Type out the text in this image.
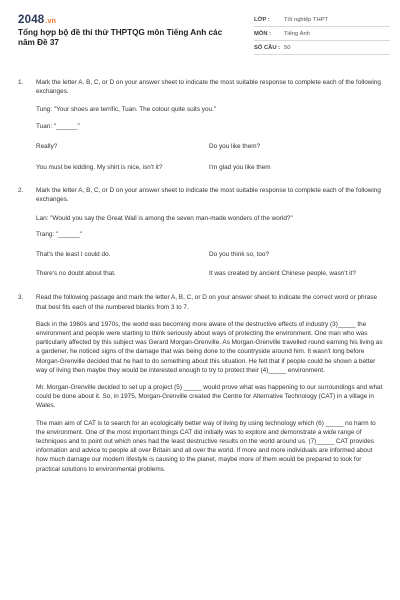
2048.vn
Tổng hợp bộ đề thi thử THPTQG môn Tiếng Anh các năm Đề 37
LỚP :	Tốt nghiệp THPT
MÔN :	Tiếng Anh
SỐ CÂU : 50
1. Mark the letter A, B, C, or D on your answer sheet to indicate the most suitable response to complete each of the following exchanges.

Tung: "Your shoes are terrific, Tuan. The colour quite suits you."

Tuan: "______"

Really?	Do you like them?
You must be kidding. My shirt is nice, isn't it?	I'm glad you like them
2. Mark the letter A, B, C, or D on your answer sheet to indicate the most suitable response to complete each of the following exchanges.

Lan: "Would you say the Great Wall is among the seven man-made wonders of the world?"

Trang: "______"

That's the least I could do.	Do you think so, too?
There's no doubt about that.	It was created by ancient Chinese people, wasn't it?
3. Read the following passage and mark the letter A, B, C, or D on your answer sheet to indicate the correct word or phrase that best fits each of the numbered blanks from 3 to 7.

Back in the 1960s and 1970s, the world was becoming more aware of the destructive effects of industry (3)_____ the environment and people were starting to think seriously about ways of protecting the environment. One man who was particularly affected by this subject was Gerard Morgan-Grenville. As Morgan-Grenville travelled round earning his living as a gardener, he noticed signs of the damage that was being done to the countryside around him. It wasn't long before Morgan-Grenville decided that he had to do something about this situation. He felt that if people could be shown a better way of living then maybe they would be interested enough to try to protect their (4)_____ environment.

Mr. Morgan-Grenville decided to set up a project (5) _____ would prove what was happening to our surroundings and what could be done about it. So, in 1975, Morgan-Grenville created the Centre for Alternative Technology (CAT) in a village in Wales.

The main aim of CAT is to search for an ecologically better way of living by using technology which (6) _____ no harm to the environment. One of the most important things CAT did initially was to explore and demonstrate a wide range of techniques and to point out which ones had the least destructive results on the world around us. (7)_____ CAT provides information and advice to people all over Britain and all over the world. If more and more individuals are informed about how much damage our modern lifestyle is causing to the planet, maybe more of them would be prepared to look for practical solutions to environmental problems.
